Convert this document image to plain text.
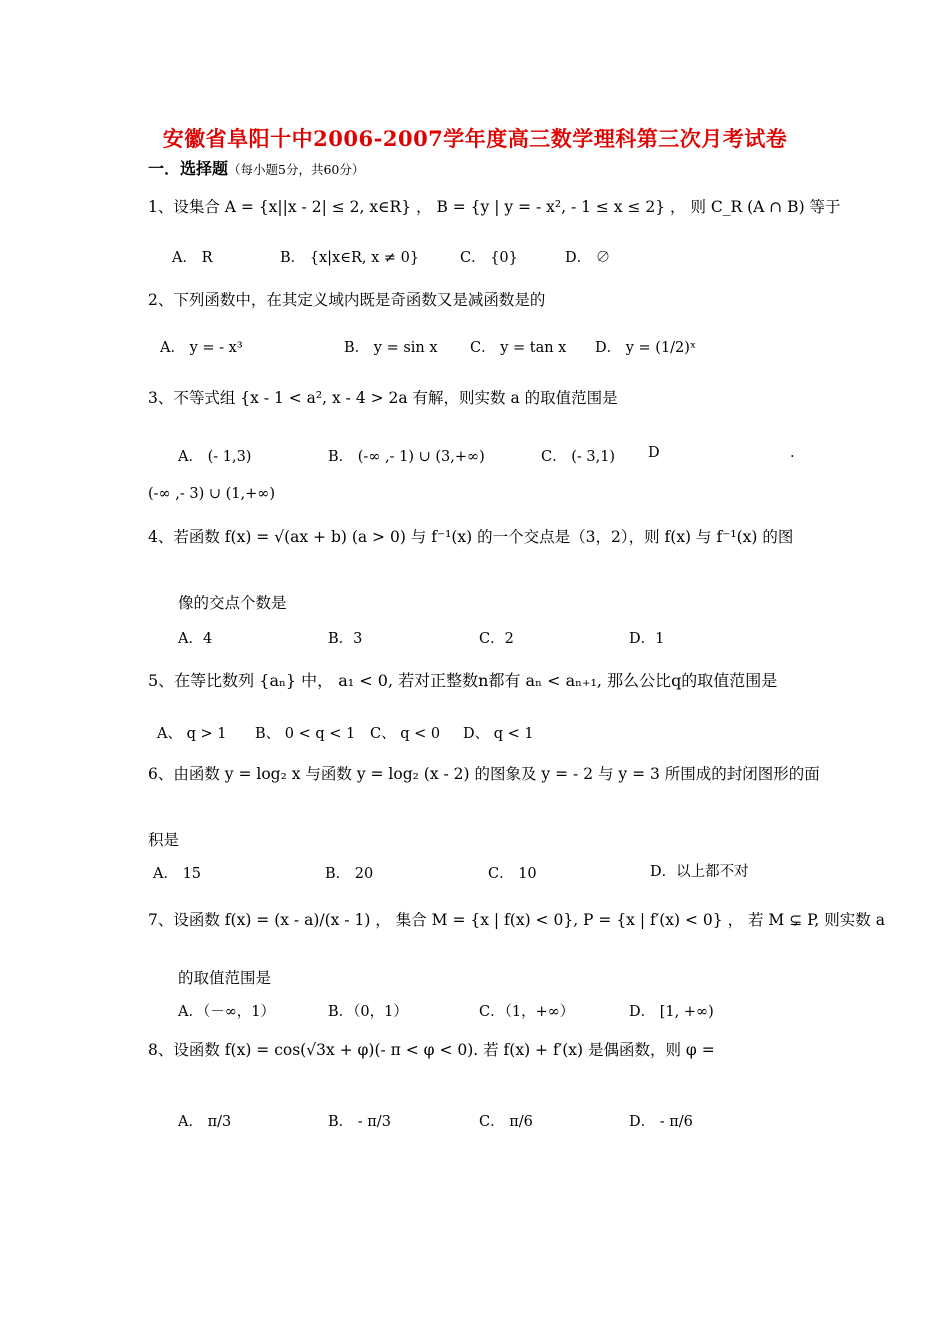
安徽省阜阳十中2006-2007学年度高三数学理科第三次月考试卷
一．选择题（每小题5分，共60分）
1、设集合 A = {x||x - 2| ≤ 2, x∈R} ， B = {y | y = - x², - 1 ≤ x ≤ 2} ， 则 C_R (A ∩ B) 等于
A． R	B． {x|x∈R, x ≠ 0}	C． {0}	D． ∅
2、下列函数中，在其定义域内既是奇函数又是减函数是的
A． y = - x³	B． y = sin x C． y = tan x D． y = (1/2)ˣ
3、不等式组 {x - 1 < a², x - 4 > 2a 有解，则实数 a 的取值范围是
A． (- 1,3)	B． (-∞ ,- 1) ∪ (3,+∞)	C． (- 3,1) D	.
(-∞ ,- 3) ∪ (1,+∞)
4、若函数 f(x) = √(ax + b) (a > 0) 与 f⁻¹(x) 的一个交点是（3，2），则 f(x) 与 f⁻¹(x) 的图
像的交点个数是
A．4	B．3	C．2	D．1
5、在等比数列 {aₙ} 中， a₁ < 0, 若对正整数n都有 aₙ < aₙ₊₁, 那么公比q的取值范围是
A、 q > 1 B、 0 < q < 1 C、 q < 0 D、 q < 1
6、由函数 y = log₂ x 与函数 y = log₂ (x - 2) 的图象及 y = - 2 与 y = 3 所围成的封闭图形的面
积是
A． 15	B． 20	C． 10	D．以上都不对
7、设函数 f(x) = (x - a)/(x - 1) ， 集合 M = {x | f(x) < 0}, P = {x | f′(x) < 0} ， 若 M ⊊ P, 则实数 a
的取值范围是
A．（－∞，1）	B．（0，1）	C．（1，+∞）	D． [1, +∞)
8、设函数 f(x) = cos(√3x + φ)(- π < φ < 0). 若 f(x) + f′(x) 是偶函数，则 φ =
A． π/3	B． - π/3	C． π/6	D． - π/6
